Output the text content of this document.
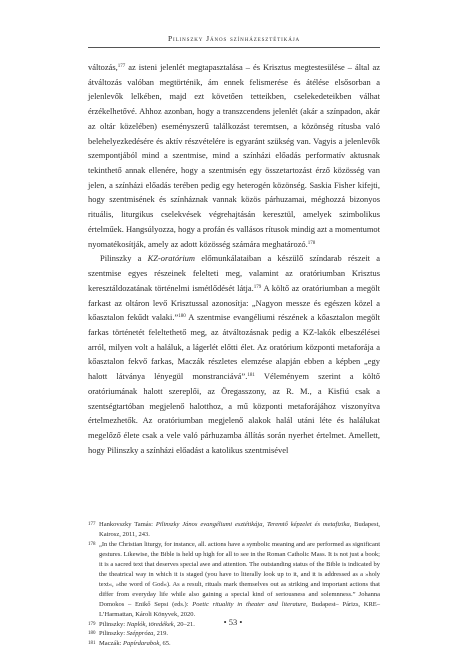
Pilinszky János színházesztétikája

változás,$^{177}$ az isteni jelenlét megtapasztalása – és Krisztus megtestesülése – által az átváltozás valóban megtörténik, ám ennek felismerése és átélése elsősorban a jelenlevők lelkében, majd ezt követően tetteikben, cselekedeteikben válhat érzékelhetővé. Ahhoz azonban, hogy a transzcendens jelenlét (akár a színpadon, akár az oltár közelében) eseményszerű találkozást teremtsen, a közönség rítusba való belehelyezkedésére és aktív részvételére is egyaránt szükség van. Vagyis a jelenlevők szempontjából mind a szentmise, mind a színházi előadás performatív aktusnak tekinthető annak ellenére, hogy a szentmisén egy összetartozást érző közösség van jelen, a színházi előadás terében pedig egy heterogén közönség. Saskia Fisher kifejti, hogy szentmisének és színháznak vannak közös párhuzamai, méghozzá bizonyos rituális, liturgikus cselekvések végrehajtásán keresztül, amelyek szimbolikus értelműek. Hangsúlyozza, hogy a profán és vallásos rítusok mindig azt a momentumot nyomatékosítják, amely az adott közösség számára meghatározó.$^{178}$

Pilinszky a KZ-oratórium előmunkálataiban a készülő színdarab részeit a szentmise egyes részeinek felelteti meg, valamint az oratóriumban Krisztus keresztáldozatának történelmi ismétlődését látja.$^{179}$ A költő az oratóriumban a megölt farkast az oltáron levő Krisztussal azonosítja: „Nagyon messze és egészen közel a kőasztalon fekűdt valaki.”$^{180}$ A szentmise evangéliumi részének a kőasztalon megölt farkas történetét feleltethető meg, az átváltozásnak pedig a KZ-lakók elbeszélései arról, milyen volt a haláluk, a lágerlét előtti élet. Az oratórium központi metaforája a kőasztalon fekvő farkas, Maczák részletes elemzése alapján ebben a képben „egy halott látványa lényegül monstranciává”.$^{181}$ Véleményem szerint a költő oratóriumának halott szereplői, az Öregasszony, az R. M., a Kisfiú csak a szentségtartóban megjelenő halotthoz, a mű központi metaforájához viszonyítva értelmezhetők. Az oratóriumban megjelenő alakok halál utáni léte és halálukat megelőző élete csak a vele való párhuzamba állítás során nyerhet értelmet. Amellett, hogy Pilinszky a színházi előadást a katolikus szentmisével

177 Hankovszky Tamás: Pilinszky János evangéliumi esztétikája, Teremtő képzelet és metafizika, Budapest, Kairosz, 2011, 243.

178 „In the Christian liturgy, for instance, all. actions have a symbolic meaning and are performed as significant gestures. Likewise, the Bible is held up high for all to see in the Roman Catholic Mass. It is not just a book; it is a sacred text that deserves special awe and attention. The outstanding status of the Bible is indicated by the theatrical way in which it is staged (you have to literally look up to it, and it is addressed as a »holy text«, »the word of God«). As a result, rituals mark themselves out as striking and important actions that differ from everyday life while also gaining a special kind of seriousness and solemnness.” Johanna Domokos – Enikő Sepsi (eds.): Poetic rituality in theater and literature, Budapest– Párizs, KRE–L’Harmattan, Károli Könyvek, 2020.

179 Pilinszky: Naplók, töredékek, 20–21.

180 Pilinszky: Széppróza, 219.

181 Maczák: Papírdarabok, 65.

• 53 •
